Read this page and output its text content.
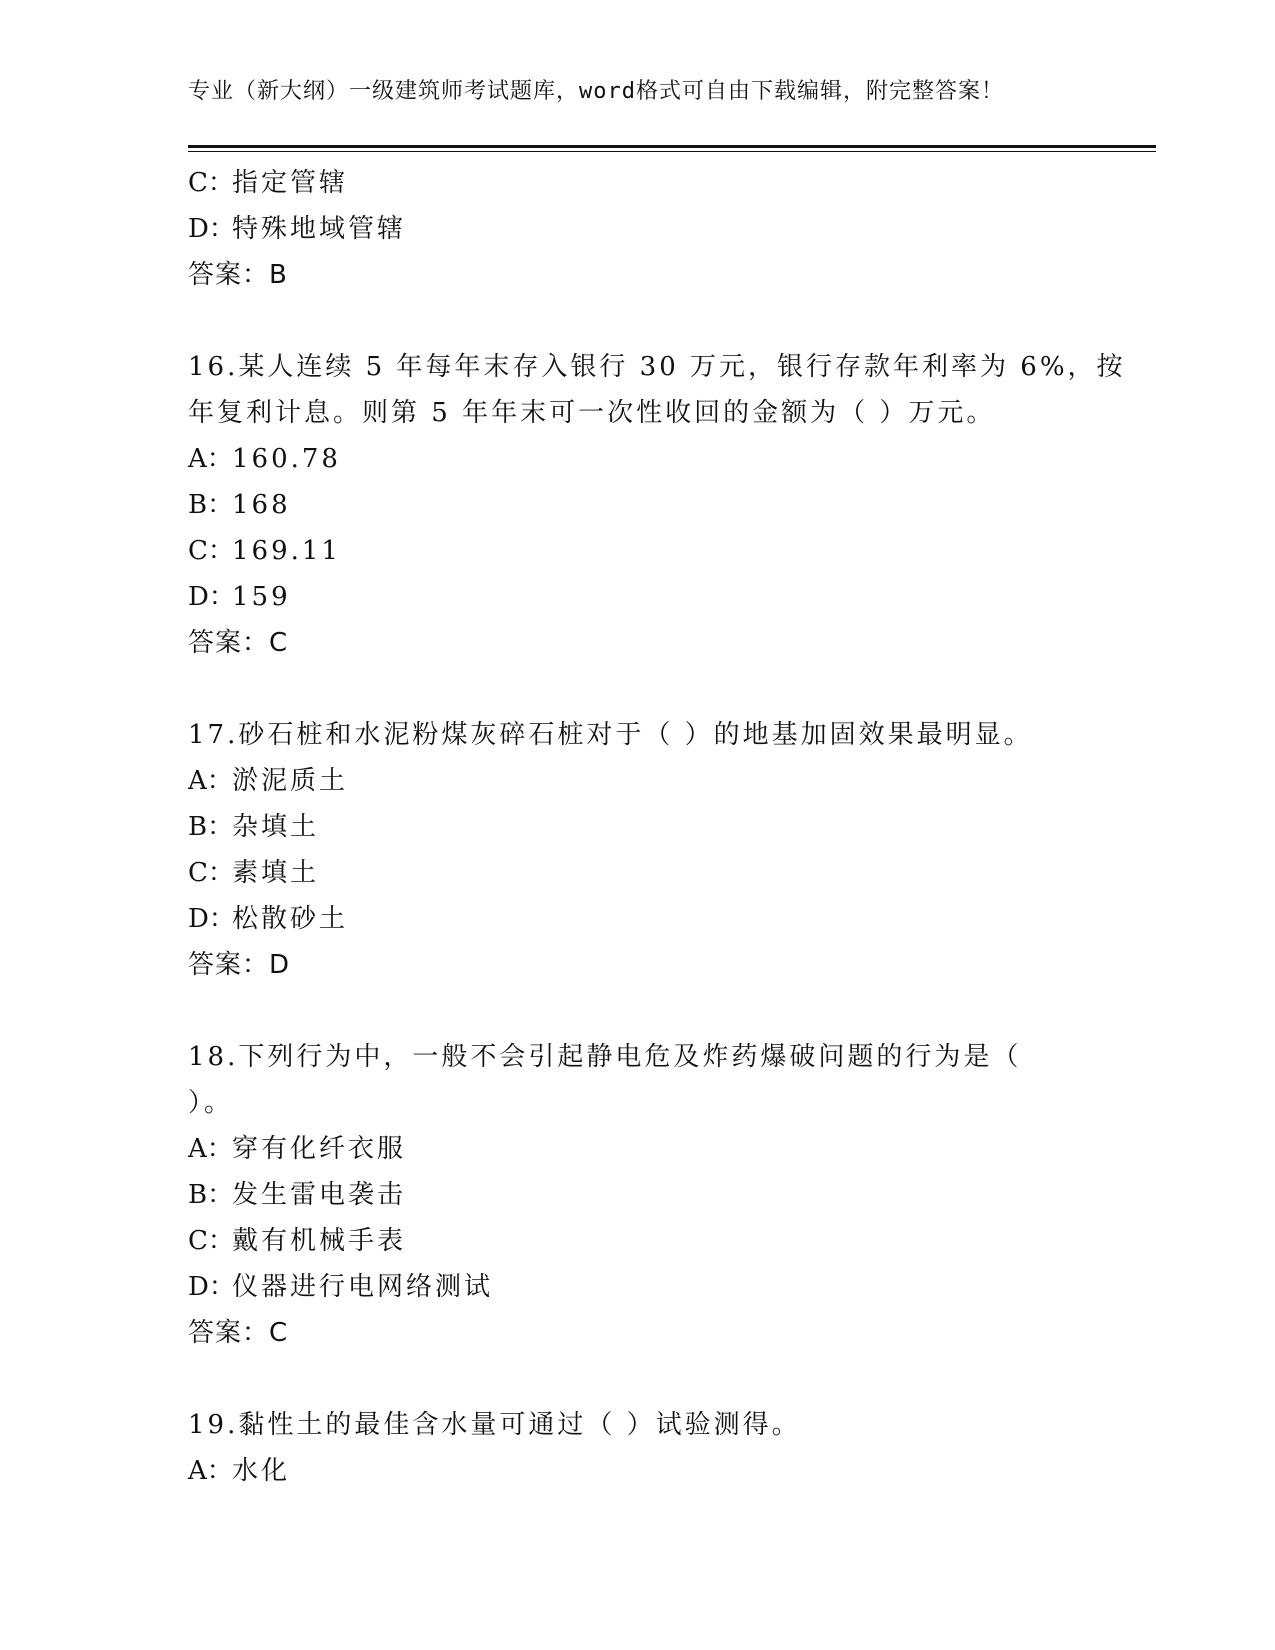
专业（新大纲）一级建筑师考试题库，word格式可自由下载编辑，附完整答案！
C：
指定管辖
D：
特殊地域管辖
答案：B
16.某人连续 5 年每年末存入银行 30 万元，银行存款年利率为 6%，按
年复利计息。则第 5 年年末可一次性收回的金额为（ ）万元。
A： 160.78
B：
168
C：
169.11
D：
159
答案：C
17.砂石桩和水泥粉煤灰碎石桩对于（ ）的地基加固效果最明显。
A： 淤泥质土
B：
杂填土
C：
素填土
D：
松散砂土
答案：D
18.下列行为中，一般不会引起静电危及炸药爆破问题的行为是（
）。
A： 穿有化纤衣服
B：
发生雷电袭击
C：
戴有机械手表
D：
仪器进行电网络测试
答案：C
19.黏性土的最佳含水量可通过（ ）试验测得。
A： 水化
